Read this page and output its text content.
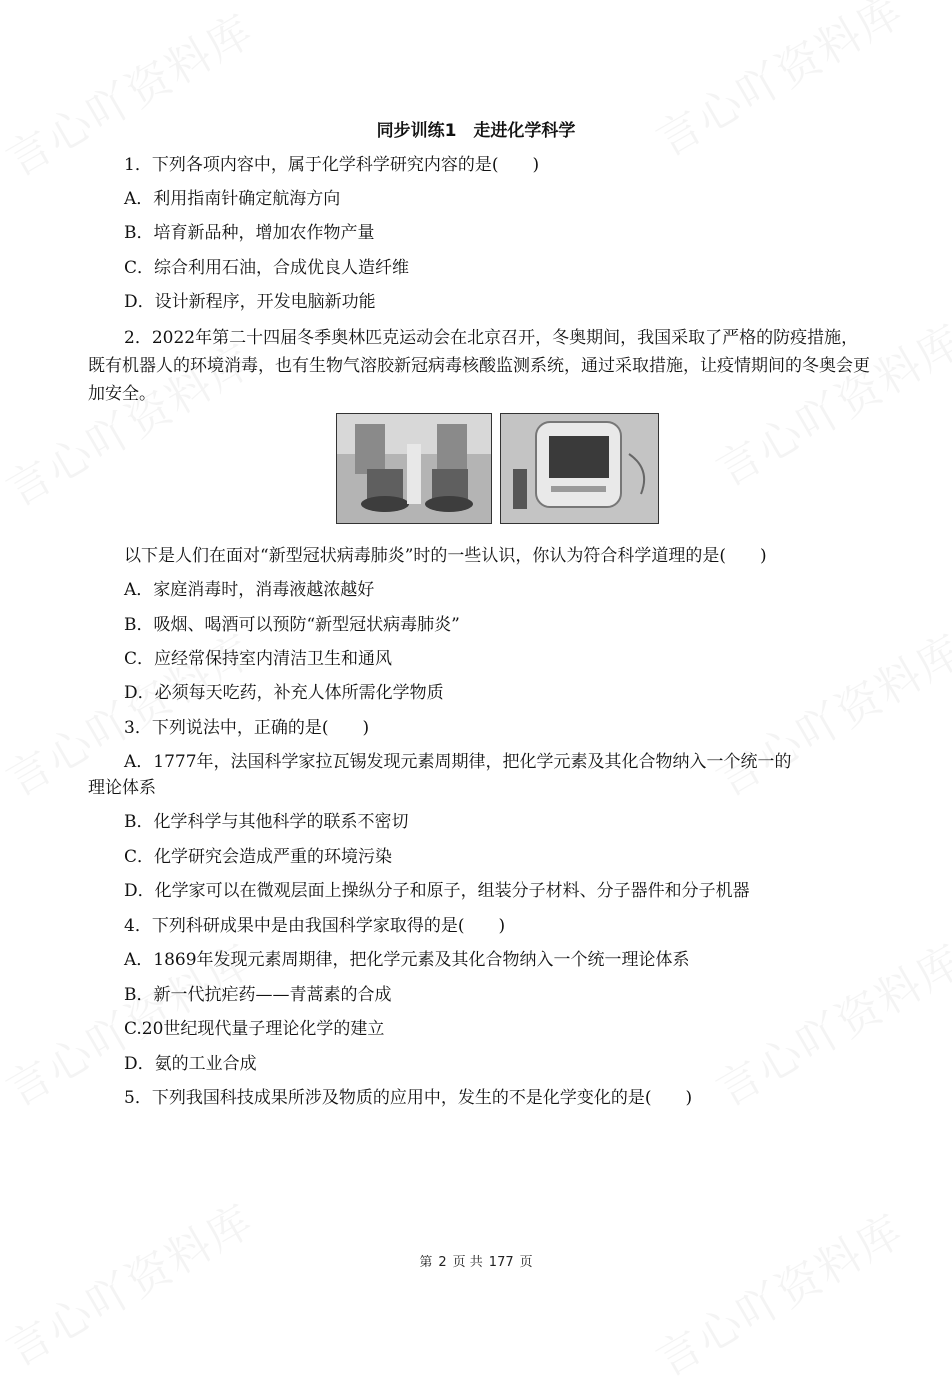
同步训练1　走进化学科学
1．下列各项内容中，属于化学科学研究内容的是(　　)
A．利用指南针确定航海方向
B．培育新品种，增加农作物产量
C．综合利用石油，合成优良人造纤维
D．设计新程序，开发电脑新功能
2．2022年第二十四届冬季奥林匹克运动会在北京召开，冬奥期间，我国采取了严格的防疫措施，既有机器人的环境消毒，也有生物气溶胶新冠病毒核酸监测系统，通过采取措施，让疫情期间的冬奥会更加安全。
以下是人们在面对“新型冠状病毒肺炎”时的一些认识，你认为符合科学道理的是(　　)
A．家庭消毒时，消毒液越浓越好
B．吸烟、喝酒可以预防“新型冠状病毒肺炎”
C．应经常保持室内清洁卫生和通风
D．必须每天吃药，补充人体所需化学物质
3．下列说法中，正确的是(　　)
A．1777年，法国科学家拉瓦锡发现元素周期律，把化学元素及其化合物纳入一个统一的
理论体系
B．化学科学与其他科学的联系不密切
C．化学研究会造成严重的环境污染
D．化学家可以在微观层面上操纵分子和原子，组装分子材料、分子器件和分子机器
4．下列科研成果中是由我国科学家取得的是(　　)
A．1869年发现元素周期律，把化学元素及其化合物纳入一个统一理论体系
B．新一代抗疟药——青蒿素的合成
C.20世纪现代量子理论化学的建立
D．氨的工业合成
5．下列我国科技成果所涉及物质的应用中，发生的不是化学变化的是(　　)
第 2 页 共 177 页
